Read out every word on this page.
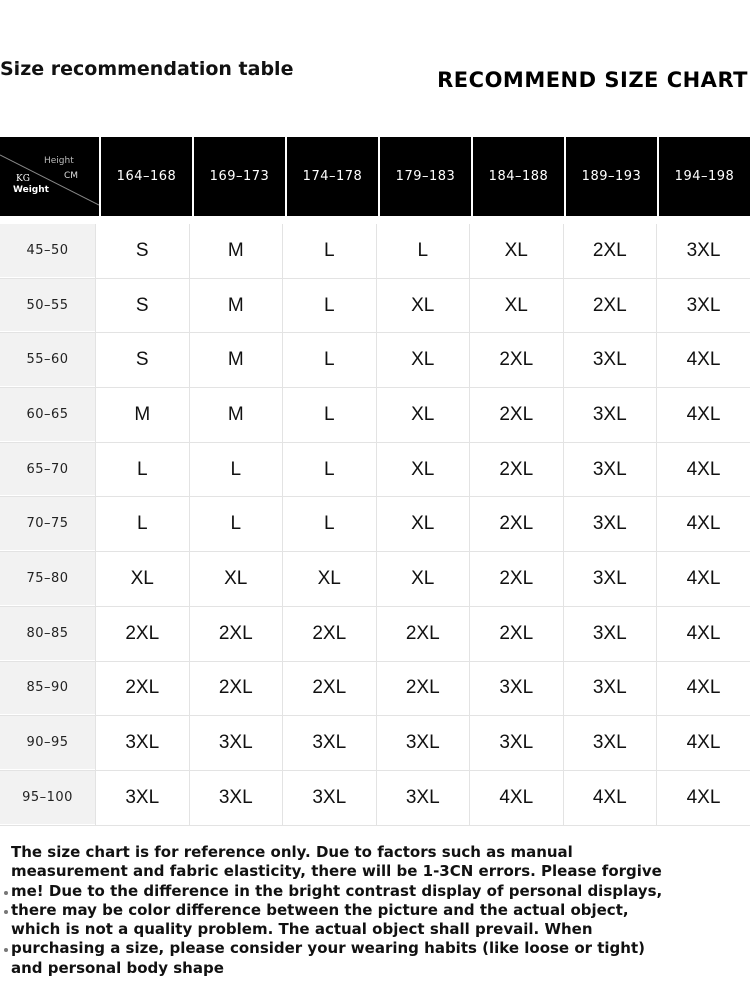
Size recommendation table	RECOMMEND SIZE CHART
Height
CM
KG
Weight
164–168	169–173	174–178	179–183	184–188	189–193	194–198
45–50	S	M	L	L	XL	2XL	3XL
50–55	S	M	L	XL	XL	2XL	3XL
55–60	S	M	L	XL	2XL	3XL	4XL
60–65	M	M	L	XL	2XL	3XL	4XL
65–70	L	L	L	XL	2XL	3XL	4XL
70–75	L	L	L	XL	2XL	3XL	4XL
75–80	XL	XL	XL	XL	2XL	3XL	4XL
80–85	2XL	2XL	2XL	2XL	2XL	3XL	4XL
85–90	2XL	2XL	2XL	2XL	3XL	3XL	4XL
90–95	3XL	3XL	3XL	3XL	3XL	3XL	4XL
95–100	3XL	3XL	3XL	3XL	4XL	4XL	4XL
The size chart is for reference only. Due to factors such as manual
measurement and fabric elasticity, there will be 1-3CN errors. Please forgive
me! Due to the difference in the bright contrast display of personal displays,
there may be color difference between the picture and the actual object,
which is not a quality problem. The actual object shall prevail. When
purchasing a size, please consider your wearing habits (like loose or tight)
and personal body shape
